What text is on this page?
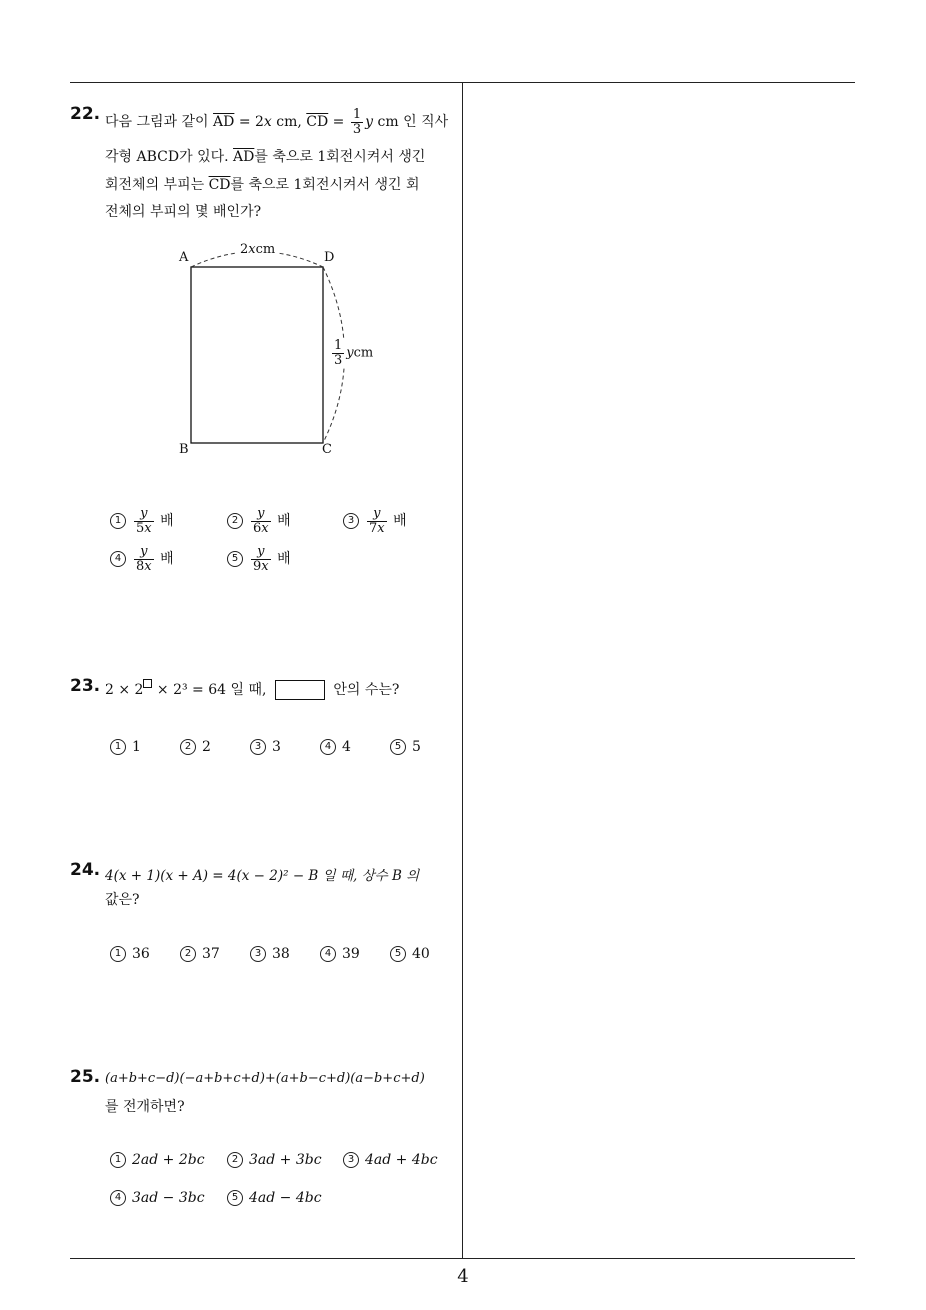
22. 다음 그림과 같이 $\overline{AD} = 2x$ cm, $\overline{CD} = \frac{1}{3}$ y cm 인 직사
각형 ABCD가 있다. $\overline{AD}$를 축으로 1회전시켜서 생긴
회전체의 부피는 $\overline{CD}$를 축으로 1회전시켜서 생긴 회
전체의 부피의 몇 배인가?
A	D
B	C
2xcm
$\frac{1}{3}$ ycm
$1 \frac{y}{5x}$ 배	$2 \frac{y}{6x}$ 배	$3 \frac{y}{7x}$ 배
$4 \frac{y}{8x}$ 배	$5 \frac{y}{9x}$ 배
23. 2 × 2 × 2³ = 64 일 때,	안의 수는?
1 1	2 2	3 3	4 4	5 5
24. 4(x + 1)(x + A) = 4(x − 2)² − B 일 때, 상수 B 의
값은?
1 36	2 37	3 38	4 39	5 40
25. (a+b+c−d)(−a+b+c+d)+(a+b−c+d)(a−b+c+d)
를 전개하면?
1 2ad + 2bc	2 3ad + 3bc	3 4ad + 4bc
4 3ad − 3bc	5 4ad − 4bc
4
